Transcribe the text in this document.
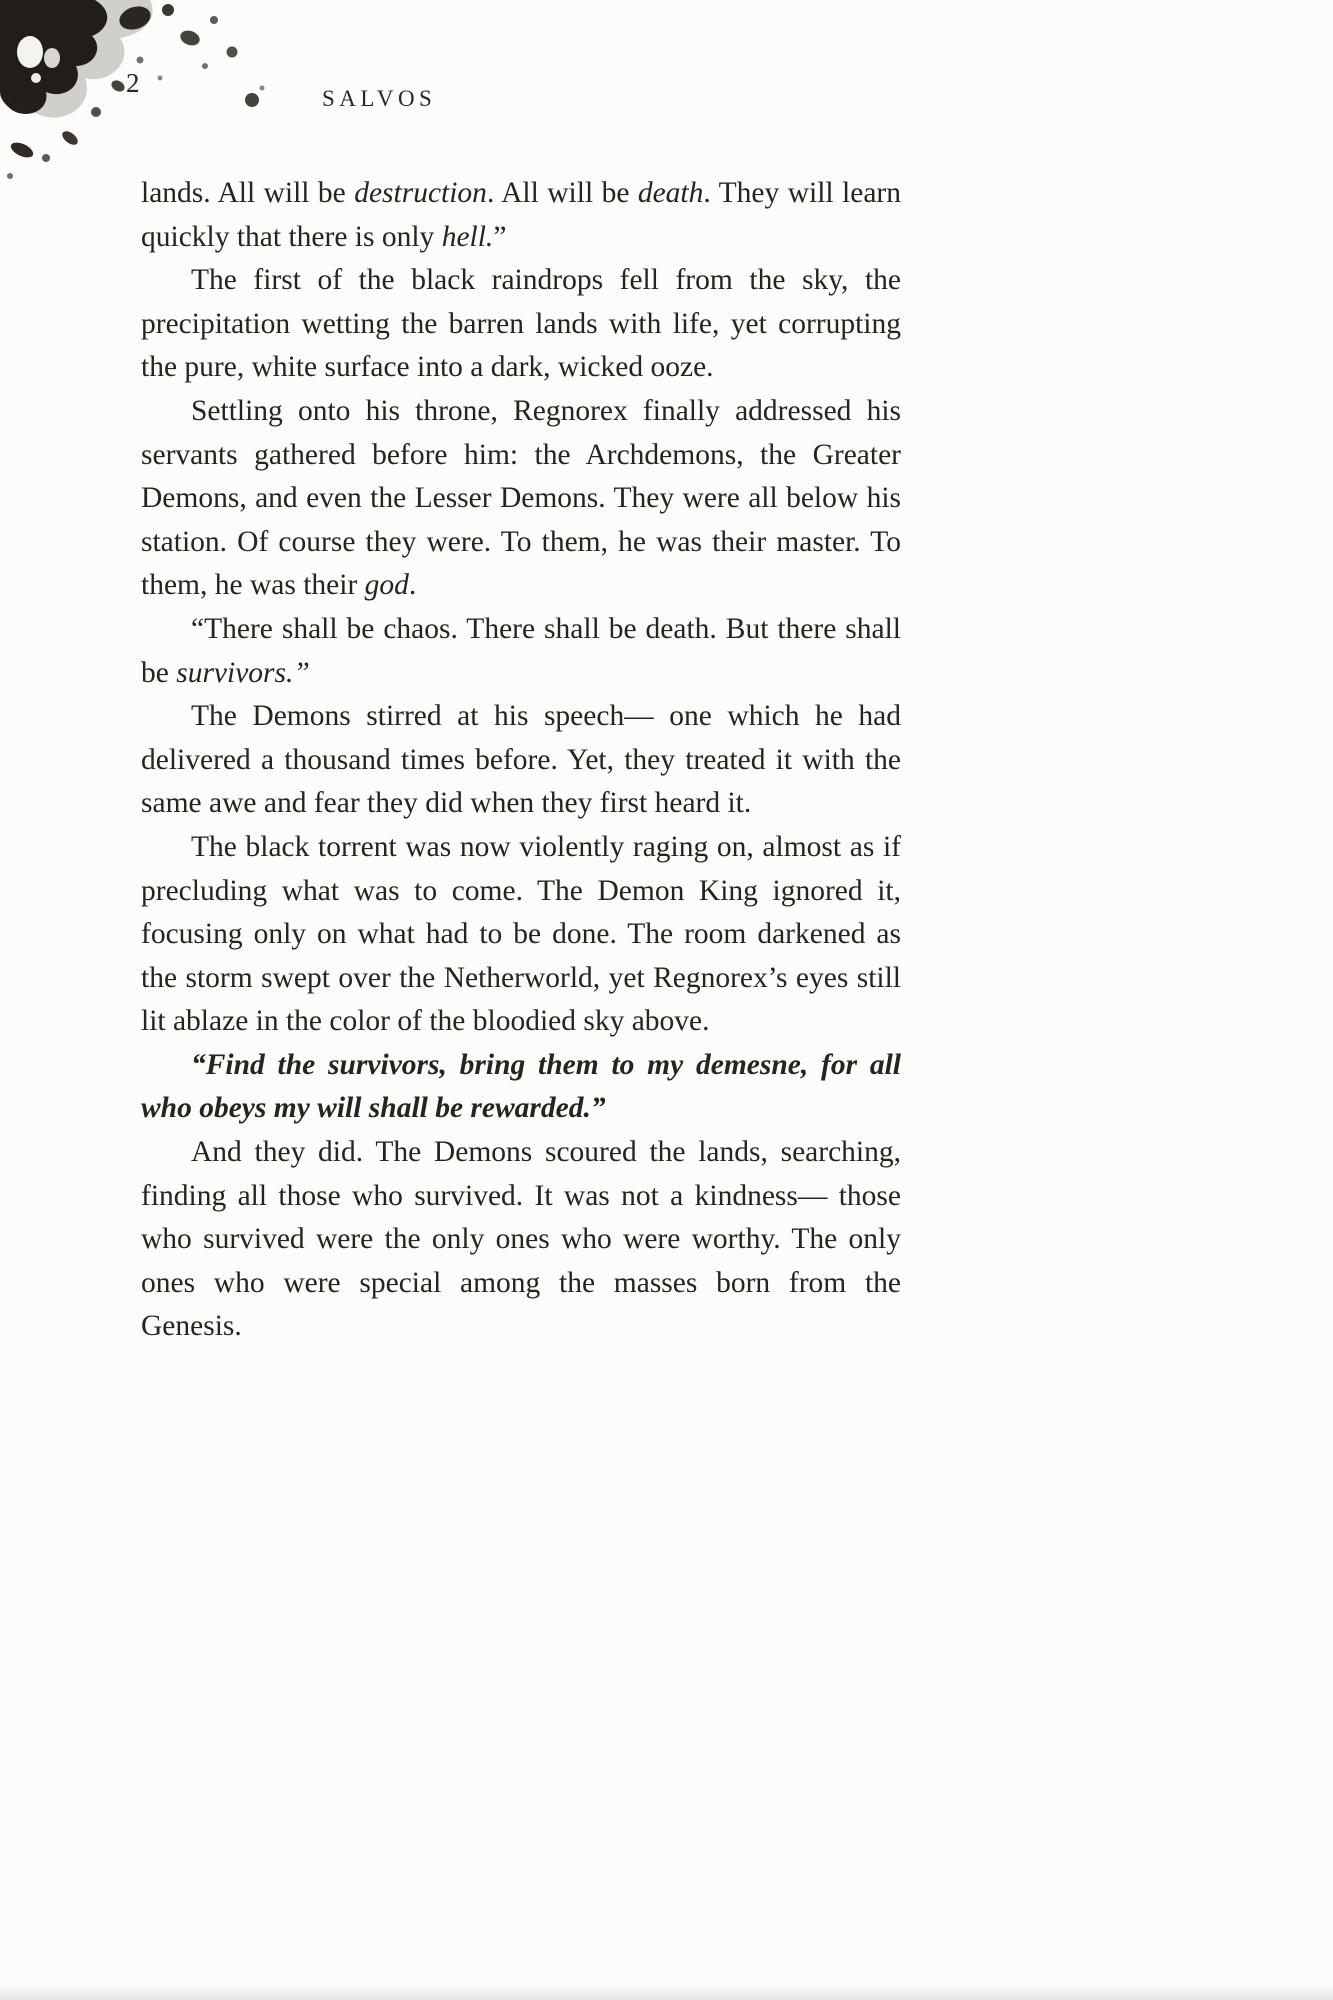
2
SALVOS

lands. All will be destruction. All will be death. They will learn quickly that there is only hell.”

The first of the black raindrops fell from the sky, the precipitation wetting the barren lands with life, yet corrupting the pure, white surface into a dark, wicked ooze.

Settling onto his throne, Regnorex finally addressed his servants gathered before him: the Archdemons, the Greater Demons, and even the Lesser Demons. They were all below his station. Of course they were. To them, he was their master. To them, he was their god.

“There shall be chaos. There shall be death. But there shall be survivors.”

The Demons stirred at his speech— one which he had delivered a thousand times before. Yet, they treated it with the same awe and fear they did when they first heard it.

The black torrent was now violently raging on, almost as if precluding what was to come. The Demon King ignored it, focusing only on what had to be done. The room darkened as the storm swept over the Netherworld, yet Regnorex’s eyes still lit ablaze in the color of the bloodied sky above.

“Find the survivors, bring them to my demesne, for all who obeys my will shall be rewarded.”

And they did. The Demons scoured the lands, searching, finding all those who survived. It was not a kindness— those who survived were the only ones who were worthy. The only ones who were special among the masses born from the Genesis.
